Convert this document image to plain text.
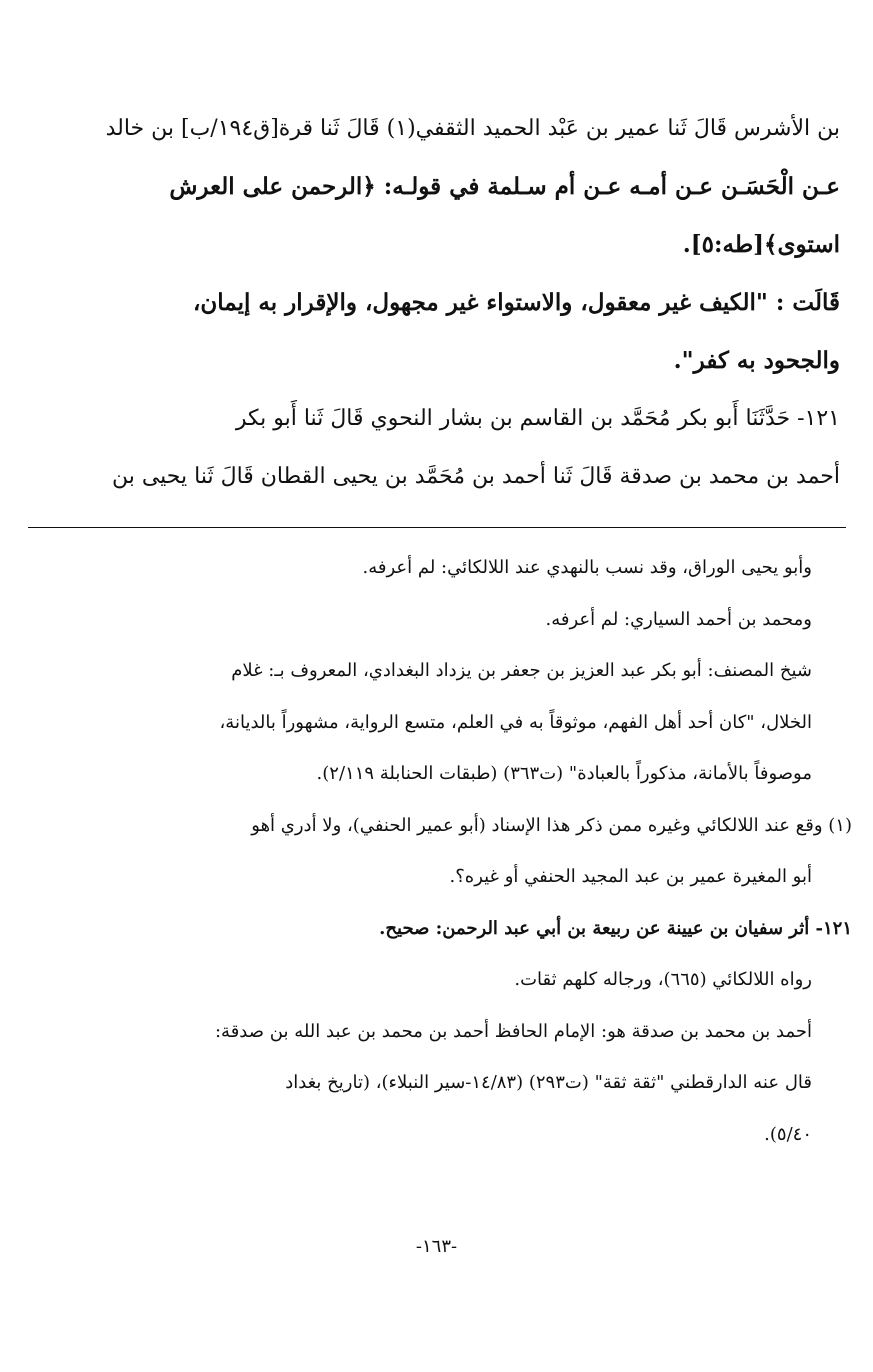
بن الأشرس قَالَ ثَنا عمير بن عَبْد الحميد الثقفي(١) قَالَ ثَنا قرة[ق١٩٤/ب] بن خالد
عـن الْحَسَـن عـن أمـه عـن أم سـلمة في قولـه: ﴿الرحمن على العرش
استوى﴾[طه:٥].
قَالَت : "الكيف غير معقول، والاستواء غير مجهول، والإقرار به إيمان،
والجحود به كفر".
١٢١- حَدَّثَنَا أَبو بكر مُحَمَّد بن القاسم بن بشار النحوي قَالَ ثَنا أَبو بكر
أحمد بن محمد بن صدقة قَالَ ثَنا أحمد بن مُحَمَّد بن يحيى القطان قَالَ ثَنا يحيى بن
وأبو يحيى الوراق، وقد نسب بالنهدي عند اللالكائي: لم أعرفه.
ومحمد بن أحمد السياري: لم أعرفه.
شيخ المصنف: أبو بكر عبد العزيز بن جعفر بن يزداد البغدادي، المعروف بـ: غلام
الخلال، "كان أحد أهل الفهم، موثوقاً به في العلم، متسع الرواية، مشهوراً بالديانة،
موصوفاً بالأمانة، مذكوراً بالعبادة" (ت٣٦٣) (طبقات الحنابلة ٢/١١٩).
(١) وقع عند اللالكائي وغيره ممن ذكر هذا الإسناد (أبو عمير الحنفي)، ولا أدري أهو
أبو المغيرة عمير بن عبد المجيد الحنفي أو غيره؟.
١٢١- أثر سفيان بن عيينة عن ربيعة بن أبي عبد الرحمن: صحيح.
رواه اللالكائي (٦٦٥)، ورجاله كلهم ثقات.
أحمد بن محمد بن صدقة هو: الإمام الحافظ أحمد بن محمد بن عبد الله بن صدقة:
قال عنه الدارقطني "ثقة ثقة" (ت٢٩٣) (١٤/٨٣-سير النبلاء)، (تاريخ بغداد
٥/٤٠).
-١٦٣-
